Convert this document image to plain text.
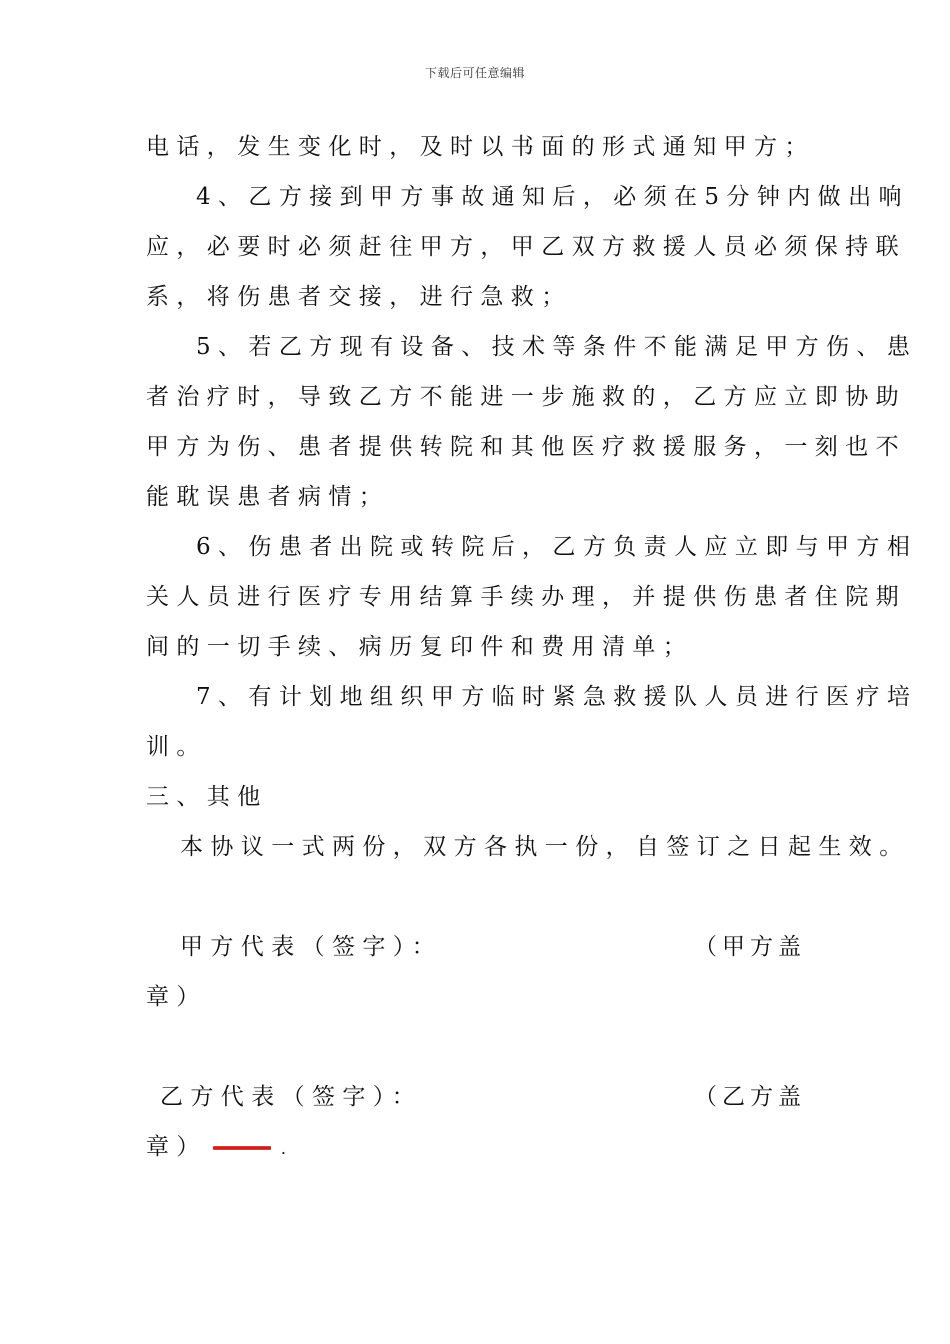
下载后可任意编辑
电话，发生变化时，及时以书面的形式通知甲方；
4、乙方接到甲方事故通知后，必须在5分钟内做出响
应，必要时必须赶往甲方，甲乙双方救援人员必须保持联
系，将伤患者交接，进行急救；
5、若乙方现有设备、技术等条件不能满足甲方伤、患
者治疗时，导致乙方不能进一步施救的，乙方应立即协助
甲方为伤、患者提供转院和其他医疗救援服务，一刻也不
能耽误患者病情；
6、伤患者出院或转院后，乙方负责人应立即与甲方相
关人员进行医疗专用结算手续办理，并提供伤患者住院期
间的一切手续、病历复印件和费用清单；
7、有计划地组织甲方临时紧急救援队人员进行医疗培
训。
三、其他
本协议一式两份，双方各执一份，自签订之日起生效。
甲方代表（签字）：	（甲方盖
章）
乙方代表（签字）：	（乙方盖
章）	.
